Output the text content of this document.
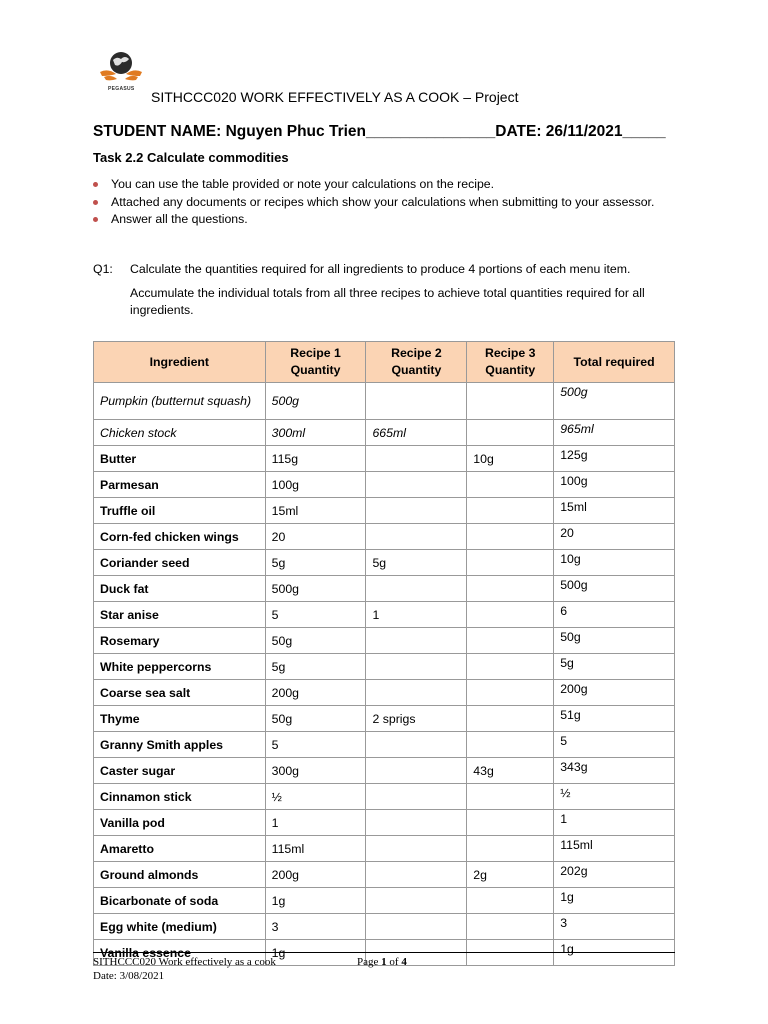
PEGASUS SITHCCC020 WORK EFFECTIVELY AS A COOK – Project
STUDENT NAME: Nguyen Phuc Trien_______________DATE: 26/11/2021_____
Task 2.2 Calculate commodities
You can use the table provided or note your calculations on the recipe.
Attached any documents or recipes which show your calculations when submitting to your assessor.
Answer all the questions.
Q1: Calculate the quantities required for all ingredients to produce 4 portions of each menu item.
Accumulate the individual totals from all three recipes to achieve total quantities required for all ingredients.
Ingredient	Recipe 1 Quantity	Recipe 2 Quantity	Recipe 3 Quantity	Total required
Pumpkin (butternut squash)	500g			500g
Chicken stock	300ml	665ml		965ml
Butter	115g		10g	125g
Parmesan	100g			100g
Truffle oil	15ml			15ml
Corn-fed chicken wings	20			20
Coriander seed	5g	5g		10g
Duck fat	500g			500g
Star anise	5	1		6
Rosemary	50g			50g
White peppercorns	5g			5g
Coarse sea salt	200g			200g
Thyme	50g	2 sprigs		51g
Granny Smith apples	5			5
Caster sugar	300g		43g	343g
Cinnamon stick	½			½
Vanilla pod	1			1
Amaretto	115ml			115ml
Ground almonds	200g		2g	202g
Bicarbonate of soda	1g			1g
Egg white (medium)	3			3
Vanilla essence	1g			1g
SITHCCC020 Work effectively as a cook
Date: 3/08/2021
Page 1 of 4
